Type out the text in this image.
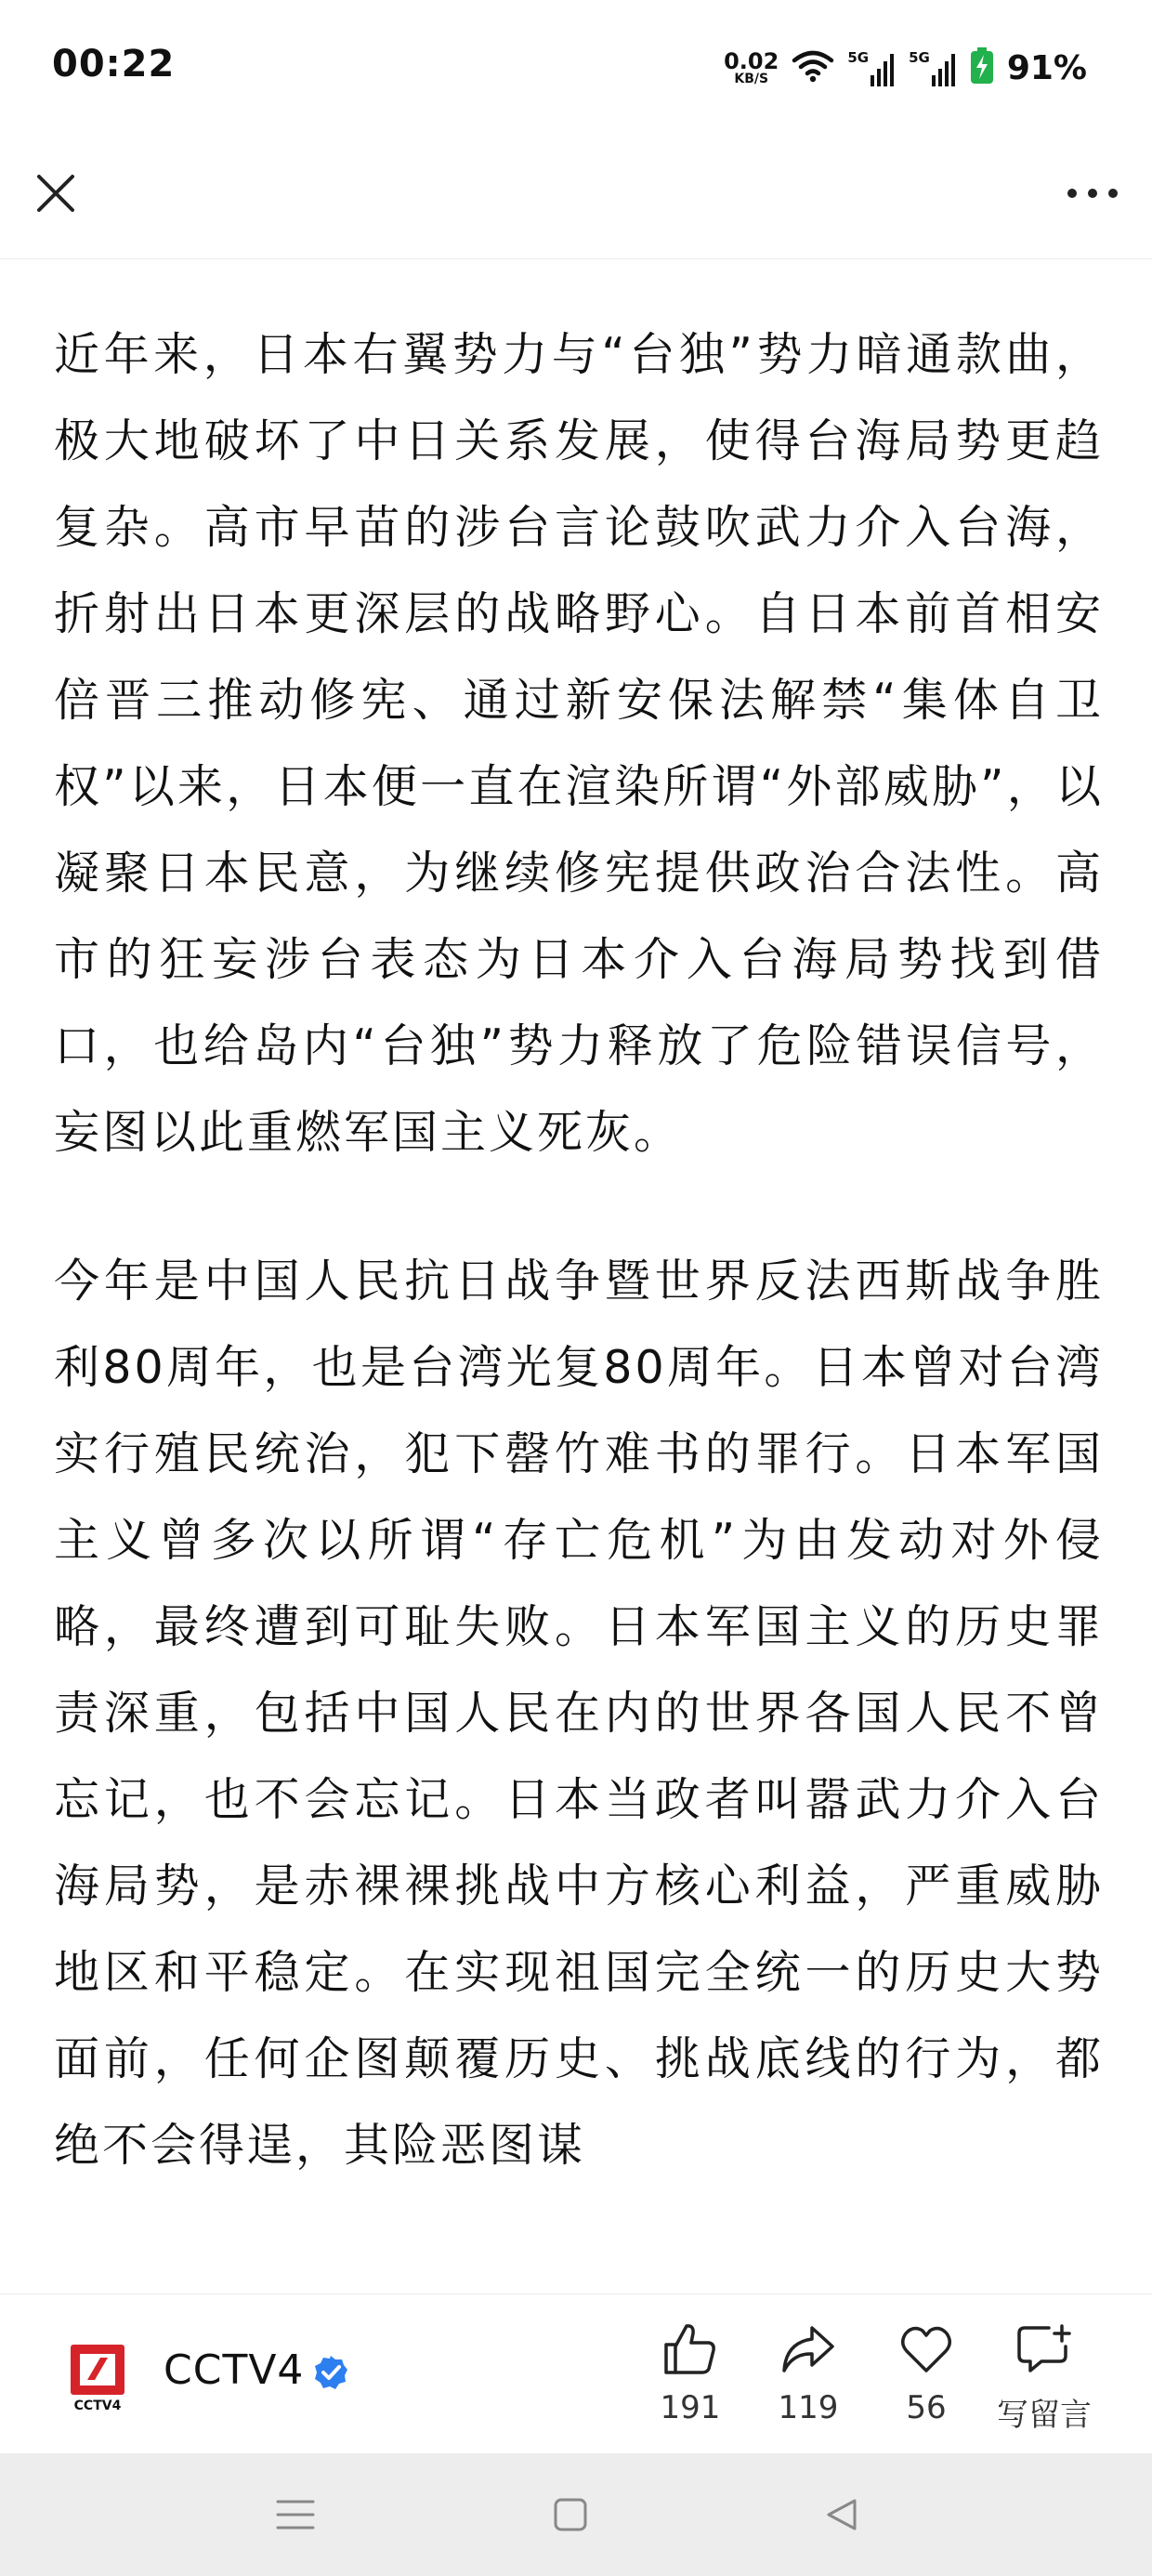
00:22	0.02
KB/S
5G	5G 91%

近年来，日本右翼势力与“台独”势力暗通款曲，极大地破坏了中日关系发展，使得台海局势更趋复杂。高市早苗的涉台言论鼓吹武力介入台海，折射出日本更深层的战略野心。自日本前首相安倍晋三推动修宪、通过新安保法解禁“集体自卫权”以来，日本便一直在渲染所谓“外部威胁”，以凝聚日本民意，为继续修宪提供政治合法性。高市的狂妄涉台表态为日本介入台海局势找到借口，也给岛内“台独”势力释放了危险错误信号，妄图以此重燃军国主义死灰。

今年是中国人民抗日战争暨世界反法西斯战争胜利80周年，也是台湾光复80周年。日本曾对台湾实行殖民统治，犯下罄竹难书的罪行。日本军国主义曾多次以所谓“存亡危机”为由发动对外侵略，最终遭到可耻失败。日本军国主义的历史罪责深重，包括中国人民在内的世界各国人民不曾忘记，也不会忘记。日本当政者叫嚣武力介入台海局势，是赤裸裸挑战中方核心利益，严重威胁地区和平稳定。在实现祖国完全统一的历史大势面前，任何企图颠覆历史、挑战底线的行为，都绝不会得逞，其险恶图谋

CCTV4
CCTV4
191	119	56	写留言
